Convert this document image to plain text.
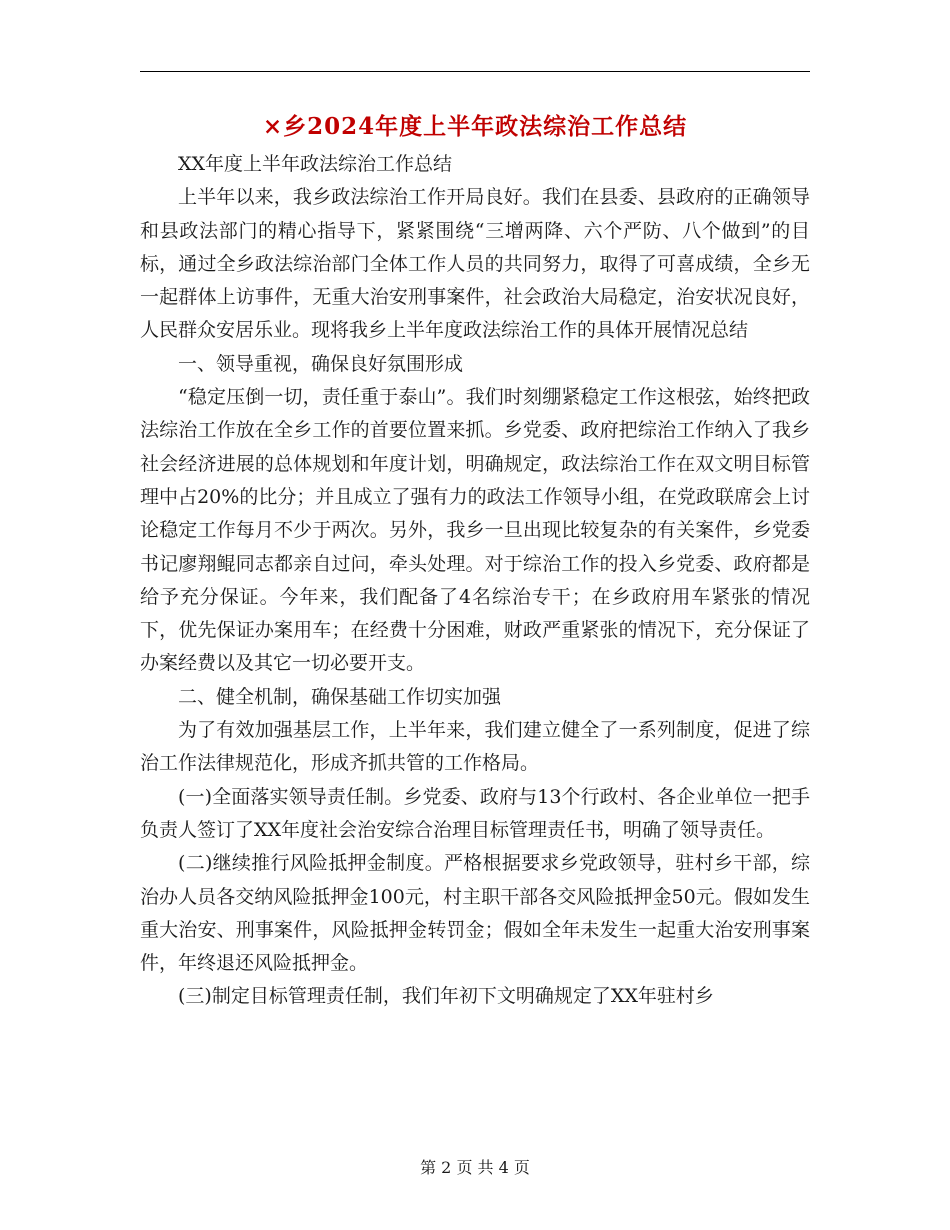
×乡2024年度上半年政法综治工作总结

XX年度上半年政法综治工作总结

上半年以来，我乡政法综治工作开局良好。我们在县委、县政府的正确领导和县政法部门的精心指导下，紧紧围绕“三增两降、六个严防、八个做到”的目标，通过全乡政法综治部门全体工作人员的共同努力，取得了可喜成绩，全乡无一起群体上访事件，无重大治安刑事案件，社会政治大局稳定，治安状况良好，人民群众安居乐业。现将我乡上半年度政法综治工作的具体开展情况总结

一、领导重视，确保良好氛围形成

“稳定压倒一切，责任重于泰山”。我们时刻绷紧稳定工作这根弦，始终把政法综治工作放在全乡工作的首要位置来抓。乡党委、政府把综治工作纳入了我乡社会经济进展的总体规划和年度计划，明确规定，政法综治工作在双文明目标管理中占20%的比分；并且成立了强有力的政法工作领导小组，在党政联席会上讨论稳定工作每月不少于两次。另外，我乡一旦出现比较复杂的有关案件，乡党委书记廖翔鲲同志都亲自过问，牵头处理。对于综治工作的投入乡党委、政府都是给予充分保证。今年来，我们配备了4名综治专干；在乡政府用车紧张的情况下，优先保证办案用车；在经费十分困难，财政严重紧张的情况下，充分保证了办案经费以及其它一切必要开支。

二、健全机制，确保基础工作切实加强

为了有效加强基层工作，上半年来，我们建立健全了一系列制度，促进了综治工作法律规范化，形成齐抓共管的工作格局。

(一)全面落实领导责任制。乡党委、政府与13个行政村、各企业单位一把手负责人签订了XX年度社会治安综合治理目标管理责任书，明确了领导责任。

(二)继续推行风险抵押金制度。严格根据要求乡党政领导，驻村乡干部，综治办人员各交纳风险抵押金100元，村主职干部各交风险抵押金50元。假如发生重大治安、刑事案件，风险抵押金转罚金；假如全年未发生一起重大治安刑事案件，年终退还风险抵押金。

(三)制定目标管理责任制，我们年初下文明确规定了XX年驻村乡

第 2 页 共 4 页
